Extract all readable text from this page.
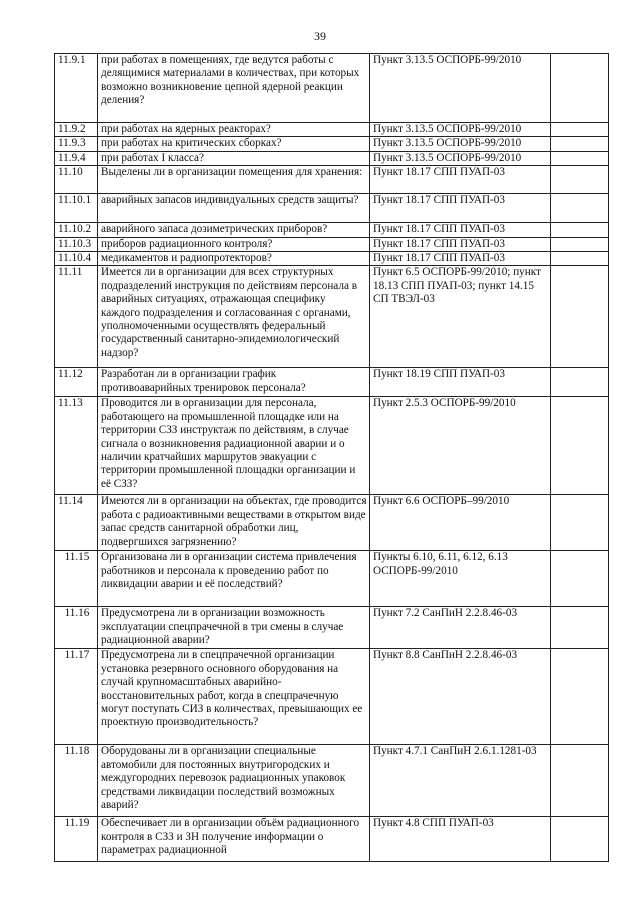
39
11.9.1	при работах в помещениях, где ведутся работы с делящимися материалами в количествах, при которых возможно возникновение цепной ядерной реакции деления?	Пункт 3.13.5 ОСПОРБ-99/2010	
11.9.2	при работах на ядерных реакторах?	Пункт 3.13.5 ОСПОРБ-99/2010	
11.9.3	при работах на критических сборках?	Пункт 3.13.5 ОСПОРБ-99/2010	
11.9.4	при работах I класса?	Пункт 3.13.5 ОСПОРБ-99/2010	
11.10	Выделены ли в организации помещения для хранения:	Пункт 18.17 СПП ПУАП-03	
11.10.1	аварийных запасов индивидуальных средств защиты?	Пункт 18.17 СПП ПУАП-03	
11.10.2	аварийного запаса дозиметрических приборов?	Пункт 18.17 СПП ПУАП-03	
11.10.3	приборов радиационного контроля?	Пункт 18.17 СПП ПУАП-03	
11.10.4	медикаментов и радиопротекторов?	Пункт 18.17 СПП ПУАП-03	
11.11	Имеется ли в организации для всех структурных подразделений инструкция по действиям персонала в аварийных ситуациях, отражающая специфику каждого подразделения и согласованная с органами, уполномоченными осуществлять федеральный государственный санитарно-эпидемиологический надзор?	Пункт 6.5 ОСПОРБ-99/2010; пункт 18.13 СПП ПУАП-03; пункт 14.15 СП ТВЭЛ-03	
11.12	Разработан ли в организации график противоаварийных тренировок персонала?	Пункт 18.19 СПП ПУАП-03	
11.13	Проводится ли в организации для персонала, работающего на промышленной площадке или на территории СЗЗ инструктаж по действиям, в случае сигнала о возникновения радиационной аварии и о наличии кратчайших маршрутов эвакуации с территории промышленной площадки организации и её СЗЗ?	Пункт 2.5.3 ОСПОРБ-99/2010	
11.14	Имеются ли в организации на объектах, где проводится работа с радиоактивными веществами в открытом виде запас средств санитарной обработки лиц, подвергшихся загрязнению?	Пункт 6.6 ОСПОРБ–99/2010	
11.15	Организована ли в организации система привлечения работников и персонала к проведению работ по ликвидации аварии и её последствий?	Пункты 6.10, 6.11, 6.12, 6.13 ОСПОРБ-99/2010	
11.16	Предусмотрена ли в организации возможность эксплуатации спецпрачечной в три смены в случае радиационной аварии?	Пункт 7.2 СанПиН 2.2.8.46-03	
11.17	Предусмотрена ли в спецпрачечной организации установка резервного основного оборудования на случай крупномасштабных аварийно-восстановительных работ, когда в спецпрачечную могут поступать СИЗ в количествах, превышающих ее проектную производительность?	Пункт 8.8 СанПиН 2.2.8.46-03	
11.18	Оборудованы ли в организации специальные автомобили для постоянных внутригородских и междугородних перевозок радиационных упаковок средствами ликвидации последствий возможных аварий?	Пункт 4.7.1 СанПиН 2.6.1.1281-03	
11.19	Обеспечивает ли в организации объём радиационного контроля в СЗЗ и ЗН получение информации о параметрах радиационной	Пункт 4.8 СПП ПУАП-03	
